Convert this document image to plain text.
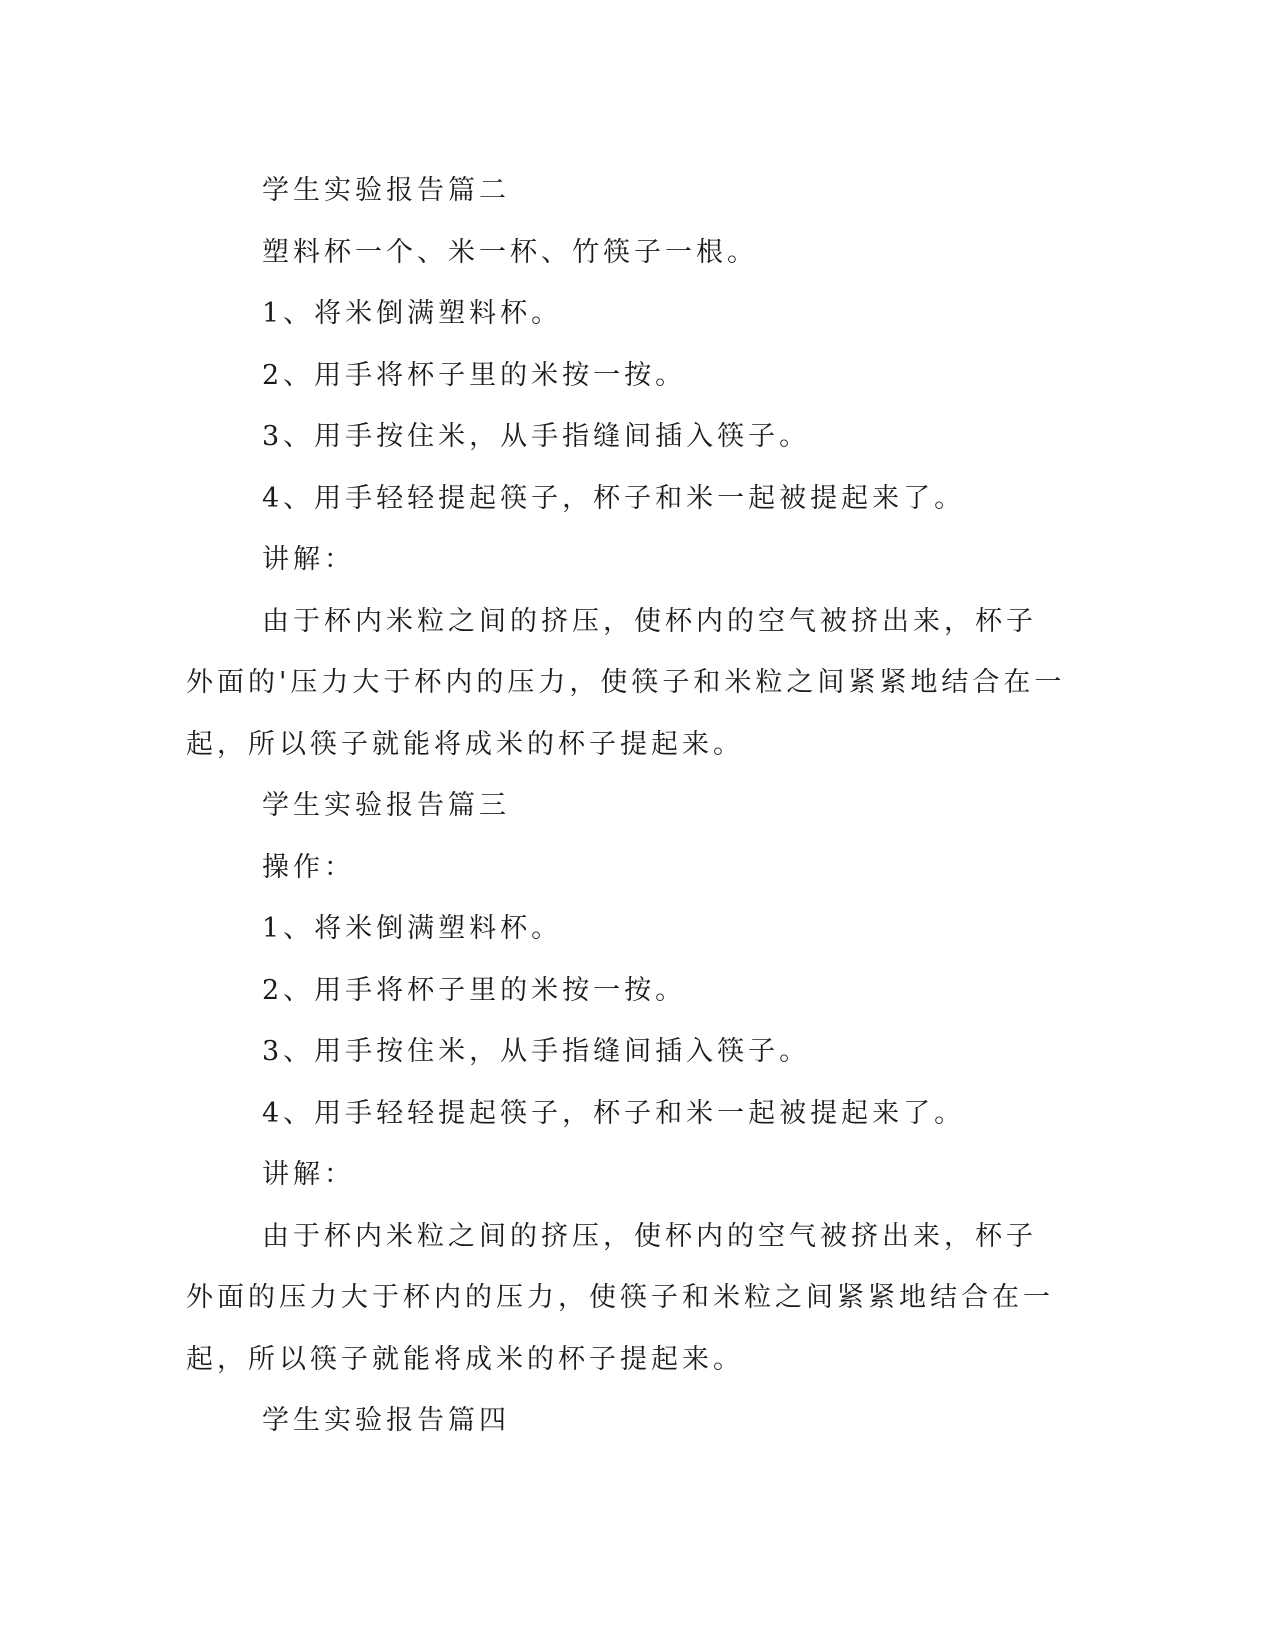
学生实验报告篇二

塑料杯一个、米一杯、竹筷子一根。

1、将米倒满塑料杯。

2、用手将杯子里的米按一按。

3、用手按住米，从手指缝间插入筷子。

4、用手轻轻提起筷子，杯子和米一起被提起来了。

讲解：

由于杯内米粒之间的挤压，使杯内的空气被挤出来，杯子外面的'压力大于杯内的压力，使筷子和米粒之间紧紧地结合在一起，所以筷子就能将成米的杯子提起来。

学生实验报告篇三

操作：

1、将米倒满塑料杯。

2、用手将杯子里的米按一按。

3、用手按住米，从手指缝间插入筷子。

4、用手轻轻提起筷子，杯子和米一起被提起来了。

讲解：

由于杯内米粒之间的挤压，使杯内的空气被挤出来，杯子外面的压力大于杯内的压力，使筷子和米粒之间紧紧地结合在一起，所以筷子就能将成米的杯子提起来。

学生实验报告篇四
